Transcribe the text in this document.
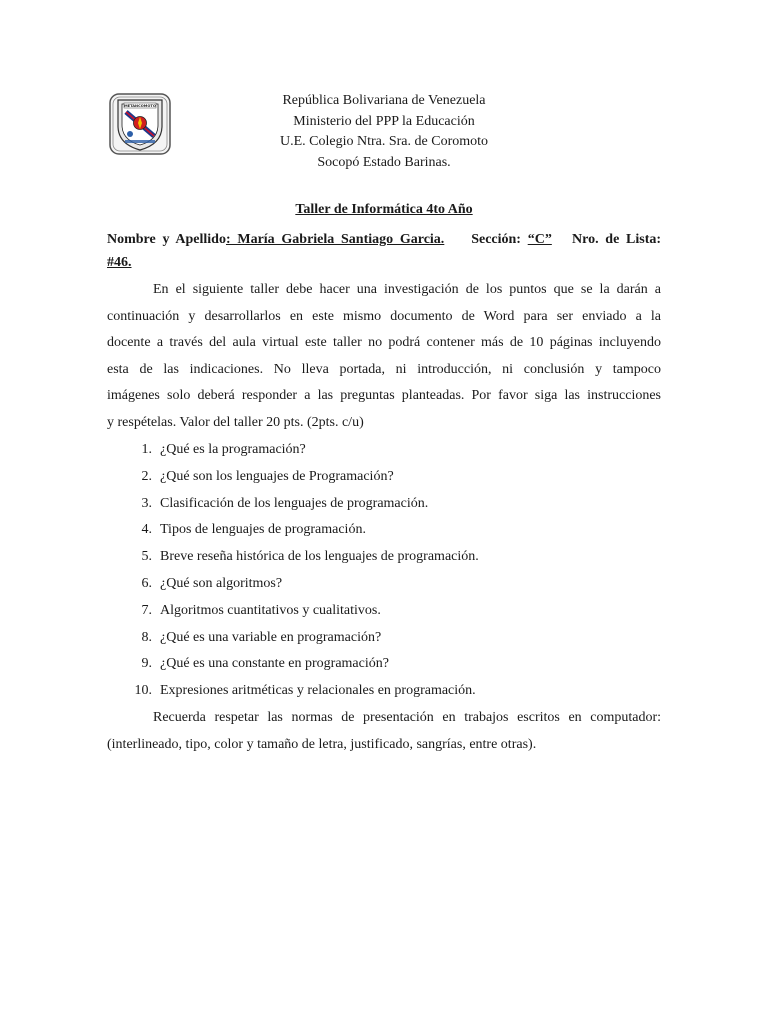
METANCOMOTO	República Bolivariana de Venezuela
Ministerio del PPP la Educación
U.E. Colegio Ntra. Sra. de Coromoto
Socopó Estado Barinas.
Taller de Informática 4to Año
Nombre y Apellido: María Gabriela Santiago Garcia. Sección: “C” Nro. de Lista:
#46.
En el siguiente taller debe hacer una investigación de los puntos que se la darán a
continuación y desarrollarlos en este mismo documento de Word para ser enviado a la
docente a través del aula virtual este taller no podrá contener más de 10 páginas incluyendo
esta de las indicaciones. No lleva portada, ni introducción, ni conclusión y tampoco
imágenes solo deberá responder a las preguntas planteadas. Por favor siga las instrucciones
y respételas. Valor del taller 20 pts. (2pts. c/u)
1. ¿Qué es la programación?
2. ¿Qué son los lenguajes de Programación?
3. Clasificación de los lenguajes de programación.
4. Tipos de lenguajes de programación.
5. Breve reseña histórica de los lenguajes de programación.
6. ¿Qué son algoritmos?
7. Algoritmos cuantitativos y cualitativos.
8. ¿Qué es una variable en programación?
9. ¿Qué es una constante en programación?
10. Expresiones aritméticas y relacionales en programación.
Recuerda respetar las normas de presentación en trabajos escritos en computador:
(interlineado, tipo, color y tamaño de letra, justificado, sangrías, entre otras).
